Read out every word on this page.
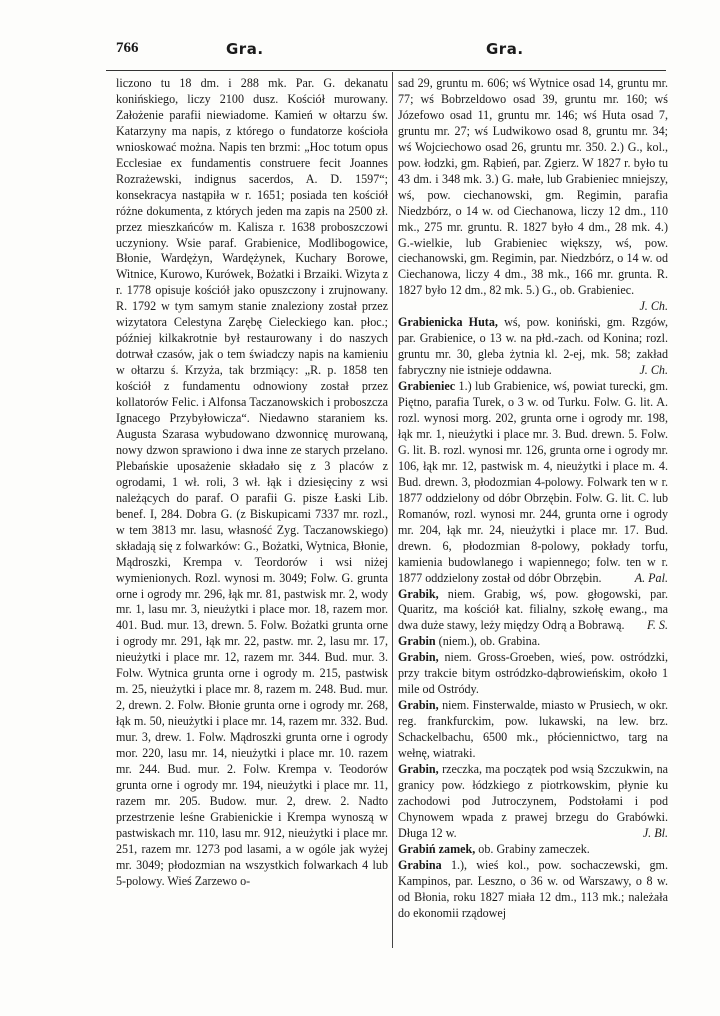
766	Gra.	Gra.

liczono tu 18 dm. i 288 mk. Par. G. dekanatu konińskiego, liczy 2100 dusz. Kościół murowany. Założenie parafii niewiadome. Kamień w ołtarzu św. Katarzyny ma napis, z którego o fundatorze kościoła wnioskować można. Napis ten brzmi: „Hoc totum opus Ecclesiae ex fundamentis construere fecit Joannes Rozrażewski, indignus sacerdos, A. D. 1597“; konsekracya nastąpiła w r. 1651; posiada ten kościół różne dokumenta, z których jeden ma zapis na 2500 zł. przez mieszkańców m. Kalisza r. 1638 proboszczowi uczyniony. Wsie paraf. Grabienice, Modlibogowice, Błonie, Wardężyn, Wardężynek, Kuchary Borowe, Witnice, Kurowo, Kurówek, Bożatki i Brzaiki. Wizyta z r. 1778 opisuje kościół jako opuszczony i zrujnowany. R. 1792 w tym samym stanie znaleziony został przez wizytatora Celestyna Zarębę Cieleckiego kan. płoc.; później kilkakrotnie był restaurowany i do naszych dotrwał czasów, jak o tem świadczy napis na kamieniu w ołtarzu ś. Krzyża, tak brzmiący: „R. p. 1858 ten kościół z fundamentu odnowiony został przez kollatorów Felic. i Alfonsa Taczanowskich i proboszcza Ignacego Przybyłowicza“. Niedawno staraniem ks. Augusta Szarasa wybudowano dzwonnicę murowaną, nowy dzwon sprawiono i dwa inne ze starych przelano. Plebańskie uposażenie składało się z 3 placów z ogrodami, 1 wł. roli, 3 wł. łąk i dziesięciny z wsi należących do paraf. O parafii G. pisze Łaski Lib. benef. I, 284. Dobra G. (z Biskupicami 7337 mr. rozl., w tem 3813 mr. lasu, własność Zyg. Taczanowskiego) składają się z folwarków: G., Bożatki, Wytnica, Błonie, Mądroszki, Krempa v. Teordorów i wsi niżej wymienionych. Rozl. wynosi m. 3049; Folw. G. grunta orne i ogrody mr. 296, łąk mr. 81, pastwisk mr. 2, wody mr. 1, lasu mr. 3, nieużytki i place mor. 18, razem mor. 401. Bud. mur. 13, drewn. 5. Folw. Bożatki grunta orne i ogrody mr. 291, łąk mr. 22, pastw. mr. 2, lasu mr. 17, nieużytki i place mr. 12, razem mr. 344. Bud. mur. 3. Folw. Wytnica grunta orne i ogrody m. 215, pastwisk m. 25, nieużytki i place mr. 8, razem m. 248. Bud. mur. 2, drewn. 2. Folw. Błonie grunta orne i ogrody mr. 268, łąk m. 50, nieużytki i place mr. 14, razem mr. 332. Bud. mur. 3, drew. 1. Folw. Mądroszki grunta orne i ogrody mor. 220, lasu mr. 14, nieużytki i place mr. 10. razem mr. 244. Bud. mur. 2. Folw. Krempa v. Teodorów grunta orne i ogrody mr. 194, nieużytki i place mr. 11, razem mr. 205. Budow. mur. 2, drew. 2. Nadto przestrzenie leśne Grabienickie i Krempa wynoszą w pastwiskach mr. 110, lasu mr. 912, nieużytki i place mr. 251, razem mr. 1273 pod lasami, a w ogóle jak wyżej mr. 3049; płodozmian na wszystkich folwarkach 4 lub 5-polowy. Wieś Zarzewo o-

sad 29, gruntu m. 606; wś Wytnice osad 14, gruntu mr. 77; wś Bobrzeldowo osad 39, gruntu mr. 160; wś Józefowo osad 11, gruntu mr. 146; wś Huta osad 7, gruntu mr. 27; wś Ludwikowo osad 8, gruntu mr. 34; wś Wojciechowo osad 26, gruntu mr. 350. 2.) G., kol., pow. łodzki, gm. Rąbień, par. Zgierz. W 1827 r. było tu 43 dm. i 348 mk. 3.) G. małe, lub Grabieniec mniejszy, wś, pow. ciechanowski, gm. Regimin, parafia Niedzbórz, o 14 w. od Ciechanowa, liczy 12 dm., 110 mk., 275 mr. gruntu. R. 1827 było 4 dm., 28 mk. 4.) G.-wielkie, lub Grabieniec większy, wś, pow. ciechanowski, gm. Regimin, par. Niedzbórz, o 14 w. od Ciechanowa, liczy 4 dm., 38 mk., 166 mr. grunta. R. 1827 było 12 dm., 82 mk. 5.) G., ob. Grabieniec.
J. Ch.

Grabienicka Huta, wś, pow. koniński, gm. Rzgów, par. Grabienice, o 13 w. na płd.-zach. od Konina; rozl. gruntu mr. 30, gleba żytnia kl. 2-ej, mk. 58; zakład fabryczny nie istnieje oddawna.	J. Ch.

Grabieniec 1.) lub Grabienice, wś, powiat turecki, gm. Piętno, parafia Turek, o 3 w. od Turku. Folw. G. lit. A. rozl. wynosi morg. 202, grunta orne i ogrody mr. 198, łąk mr. 1, nieużytki i place mr. 3. Bud. drewn. 5. Folw. G. lit. B. rozl. wynosi mr. 126, grunta orne i ogrody mr. 106, łąk mr. 12, pastwisk m. 4, nieużytki i place m. 4. Bud. drewn. 3, płodozmian 4-polowy. Folwark ten w r. 1877 oddzielony od dóbr Obrzębin. Folw. G. lit. C. lub Romanów, rozl. wynosi mr. 244, grunta orne i ogrody mr. 204, łąk mr. 24, nieużytki i place mr. 17. Bud. drewn. 6, płodozmian 8-polowy, pokłady torfu, kamienia budowlanego i wapiennego; folw. ten w r. 1877 oddzielony został od dóbr Obrzębin.	A. Pal.

Grabik, niem. Grabig, wś, pow. głogowski, par. Quaritz, ma kościół kat. filialny, szkołę ewang., ma dwa duże stawy, leży między Odrą a Bobrawą.	F. S.

Grabin (niem.), ob. Grabina.

Grabin, niem. Gross-Groeben, wieś, pow. ostródzki, przy trakcie bitym ostródzko-dąbrowieńskim, około 1 mile od Ostródy.

Grabin, niem. Finsterwalde, miasto w Prusiech, w okr. reg. frankfurckim, pow. lukawski, na lew. brz. Schackelbachu, 6500 mk., płóciennictwo, targ na wełnę, wiatraki.

Grabin, rzeczka, ma początek pod wsią Szczukwin, na granicy pow. łódzkiego z piotrkowskim, płynie ku zachodowi pod Jutroczynem, Podstołami i pod Chynowem wpada z prawej brzegu do Grabówki. Długa 12 w.	J. Bl.

Grabiń zamek, ob. Grabiny zameczek.

Grabina 1.), wieś kol., pow. sochaczewski, gm. Kampinos, par. Leszno, o 36 w. od Warszawy, o 8 w. od Błonia, roku 1827 miała 12 dm., 113 mk.; należała do ekonomii rządowej
